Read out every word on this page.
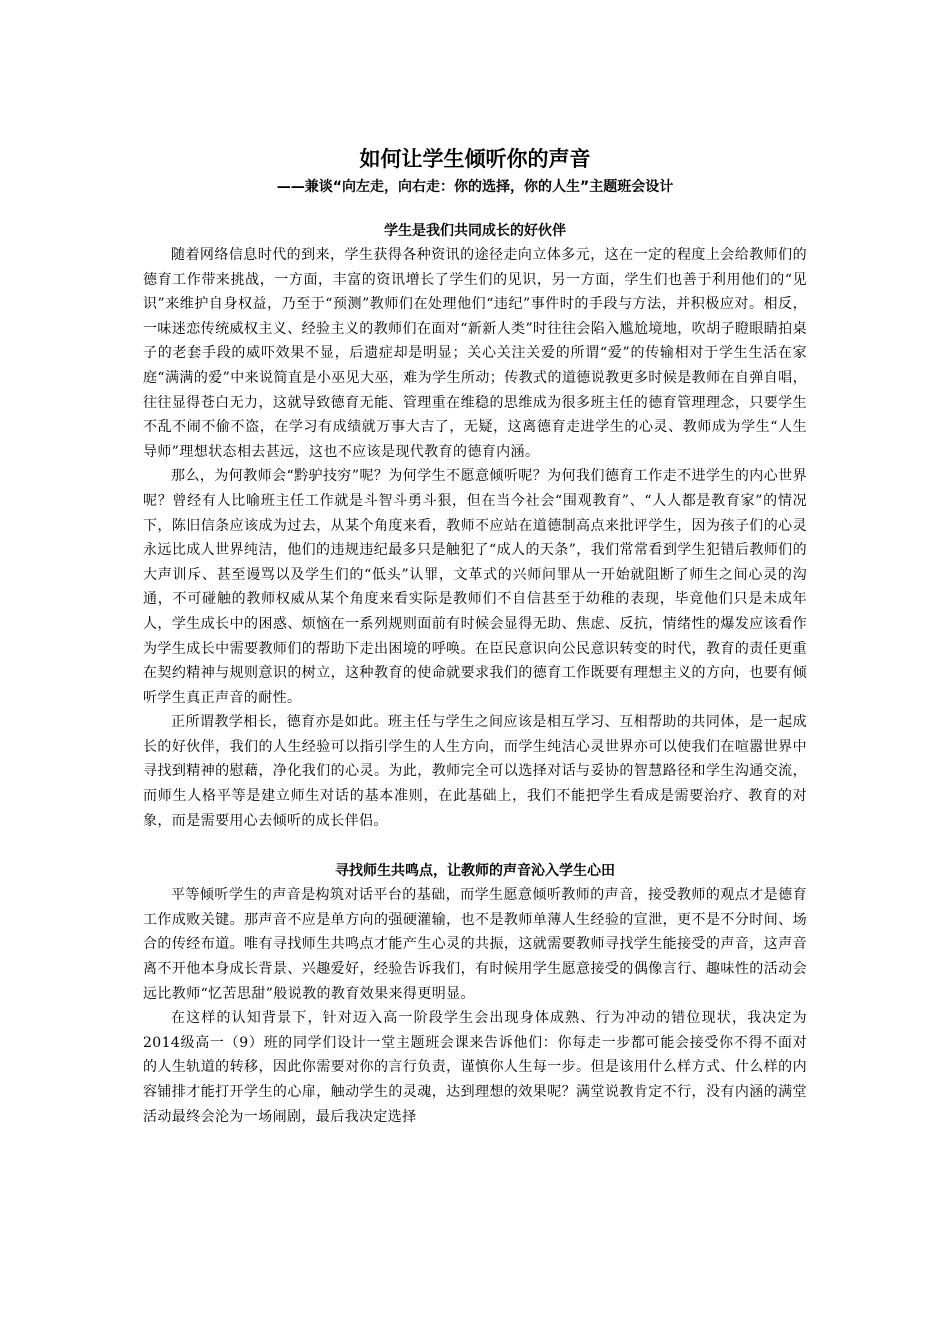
如何让学生倾听你的声音
——兼谈“向左走，向右走：你的选择，你的人生”主题班会设计
学生是我们共同成长的好伙伴

随着网络信息时代的到来，学生获得各种资讯的途径走向立体多元，这在一定的程度上会给教师们的德育工作带来挑战，一方面，丰富的资讯增长了学生们的见识，另一方面，学生们也善于利用他们的“见识”来维护自身权益，乃至于“预测”教师们在处理他们“违纪”事件时的手段与方法，并积极应对。相反，一味迷恋传统威权主义、经验主义的教师们在面对“新新人类”时往往会陷入尴尬境地，吹胡子瞪眼睛拍桌子的老套手段的威吓效果不显，后遗症却是明显；关心关注关爱的所谓“爱”的传输相对于学生生活在家庭“满满的爱”中来说简直是小巫见大巫，难为学生所动；传教式的道德说教更多时候是教师在自弹自唱，往往显得苍白无力，这就导致德育无能、管理重在维稳的思维成为很多班主任的德育管理理念，只要学生不乱不闹不偷不盗，在学习有成绩就万事大吉了，无疑，这离德育走进学生的心灵、教师成为学生“人生导师”理想状态相去甚远，这也不应该是现代教育的德育内涵。

那么，为何教师会“黔驴技穷”呢？为何学生不愿意倾听呢？为何我们德育工作走不进学生的内心世界呢？曾经有人比喻班主任工作就是斗智斗勇斗狠，但在当今社会“围观教育”、“人人都是教育家”的情况下，陈旧信条应该成为过去，从某个角度来看，教师不应站在道德制高点来批评学生，因为孩子们的心灵永远比成人世界纯洁，他们的违规违纪最多只是触犯了“成人的天条”，我们常常看到学生犯错后教师们的大声训斥、甚至谩骂以及学生们的“低头”认罪，文革式的兴师问罪从一开始就阻断了师生之间心灵的沟通，不可碰触的教师权威从某个角度来看实际是教师们不自信甚至于幼稚的表现，毕竟他们只是未成年人，学生成长中的困惑、烦恼在一系列规则面前有时候会显得无助、焦虑、反抗，情绪性的爆发应该看作为学生成长中需要教师们的帮助下走出困境的呼唤。在臣民意识向公民意识转变的时代，教育的责任更重在契约精神与规则意识的树立，这种教育的使命就要求我们的德育工作既要有理想主义的方向，也要有倾听学生真正声音的耐性。

正所谓教学相长，德育亦是如此。班主任与学生之间应该是相互学习、互相帮助的共同体，是一起成长的好伙伴，我们的人生经验可以指引学生的人生方向，而学生纯洁心灵世界亦可以使我们在喧嚣世界中寻找到精神的慰藉，净化我们的心灵。为此，教师完全可以选择对话与妥协的智慧路径和学生沟通交流，而师生人格平等是建立师生对话的基本准则，在此基础上，我们不能把学生看成是需要治疗、教育的对象，而是需要用心去倾听的成长伴侣。

寻找师生共鸣点，让教师的声音沁入学生心田

平等倾听学生的声音是构筑对话平台的基础，而学生愿意倾听教师的声音，接受教师的观点才是德育工作成败关键。那声音不应是单方向的强硬灌输，也不是教师单薄人生经验的宣泄，更不是不分时间、场合的传经布道。唯有寻找师生共鸣点才能产生心灵的共振，这就需要教师寻找学生能接受的声音，这声音离不开他本身成长背景、兴趣爱好，经验告诉我们，有时候用学生愿意接受的偶像言行、趣味性的活动会远比教师“忆苦思甜”般说教的教育效果来得更明显。

在这样的认知背景下，针对迈入高一阶段学生会出现身体成熟、行为冲动的错位现状，我决定为2014级高一（9）班的同学们设计一堂主题班会课来告诉他们：你每走一步都可能会接受你不得不面对的人生轨道的转移，因此你需要对你的言行负责，谨慎你人生每一步。但是该用什么样方式、什么样的内容铺排才能打开学生的心扉，触动学生的灵魂，达到理想的效果呢？满堂说教肯定不行，没有内涵的满堂活动最终会沦为一场闹剧，最后我决定选择
